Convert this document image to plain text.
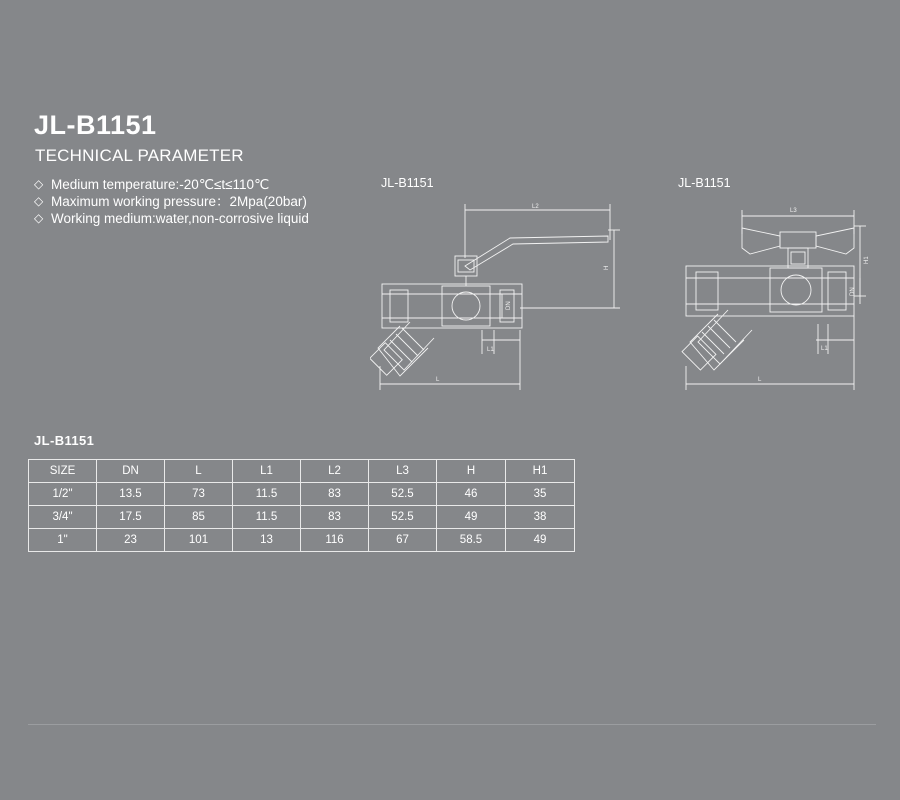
JL-B1151
TECHNICAL PARAMETER
◇ Medium temperature:-20℃≤t≤110℃
◇ Maximum working pressure：2Mpa(20bar)
◇ Working medium:water,non-corrosive liquid
JL-B1151	JL-B1151
L2
H
DN
L1
L
L3
H1
DN
L1
L
JL-B1151
SIZE	DN	L	L1	L2	L3	H	H1
1/2"	13.5	73	11.5	83	52.5	46	35
3/4"	17.5	85	11.5	83	52.5	49	38
1"	23	101	13	116	67	58.5	49
